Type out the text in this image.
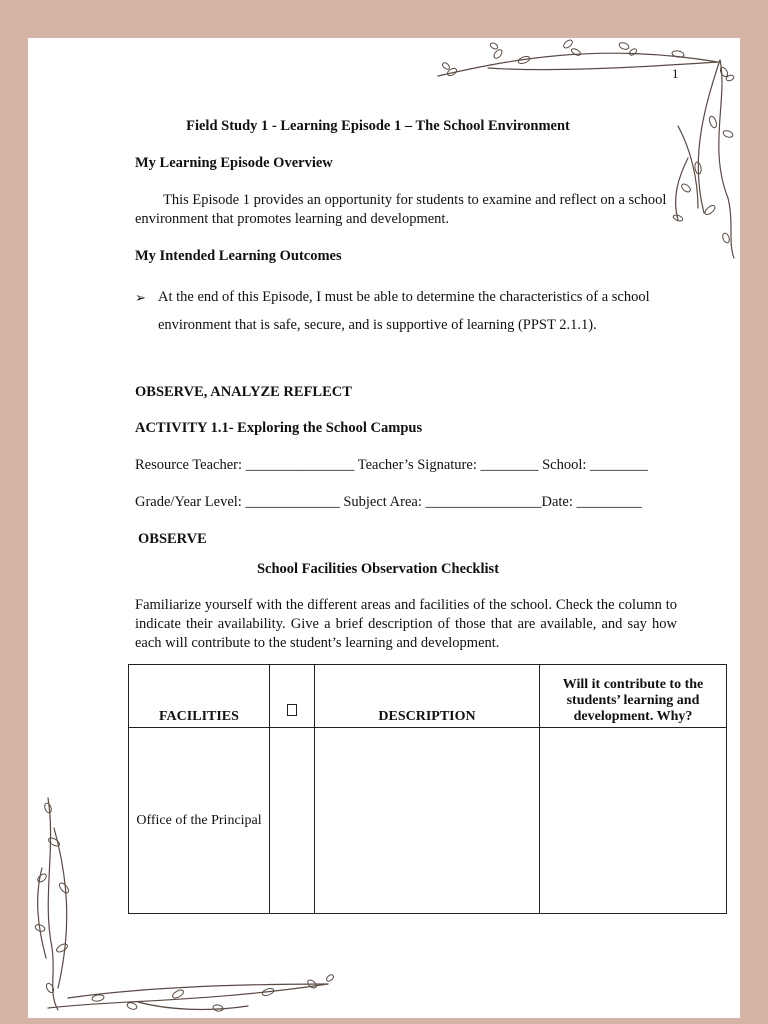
1
Field Study 1 - Learning Episode 1 – The School Environment
My Learning Episode Overview
This Episode 1 provides an opportunity for students to examine and reflect on a school environment that promotes learning and development.
My Intended Learning Outcomes
➢ At the end of this Episode, I must be able to determine the characteristics of a school environment that is safe, secure, and is supportive of learning (PPST 2.1.1).
OBSERVE, ANALYZE REFLECT
ACTIVITY 1.1- Exploring the School Campus
Resource Teacher: _______________ Teacher’s Signature: ________ School: ________
Grade/Year Level: _____________ Subject Area: ________________Date: _________
OBSERVE
School Facilities Observation Checklist
Familiarize yourself with the different areas and facilities of the school. Check the column to indicate their availability. Give a brief description of those that are available, and say how each will contribute to the student’s learning and development.
FACILITIES		DESCRIPTION	Will it contribute to the students’ learning and development. Why?
Office of the Principal			
